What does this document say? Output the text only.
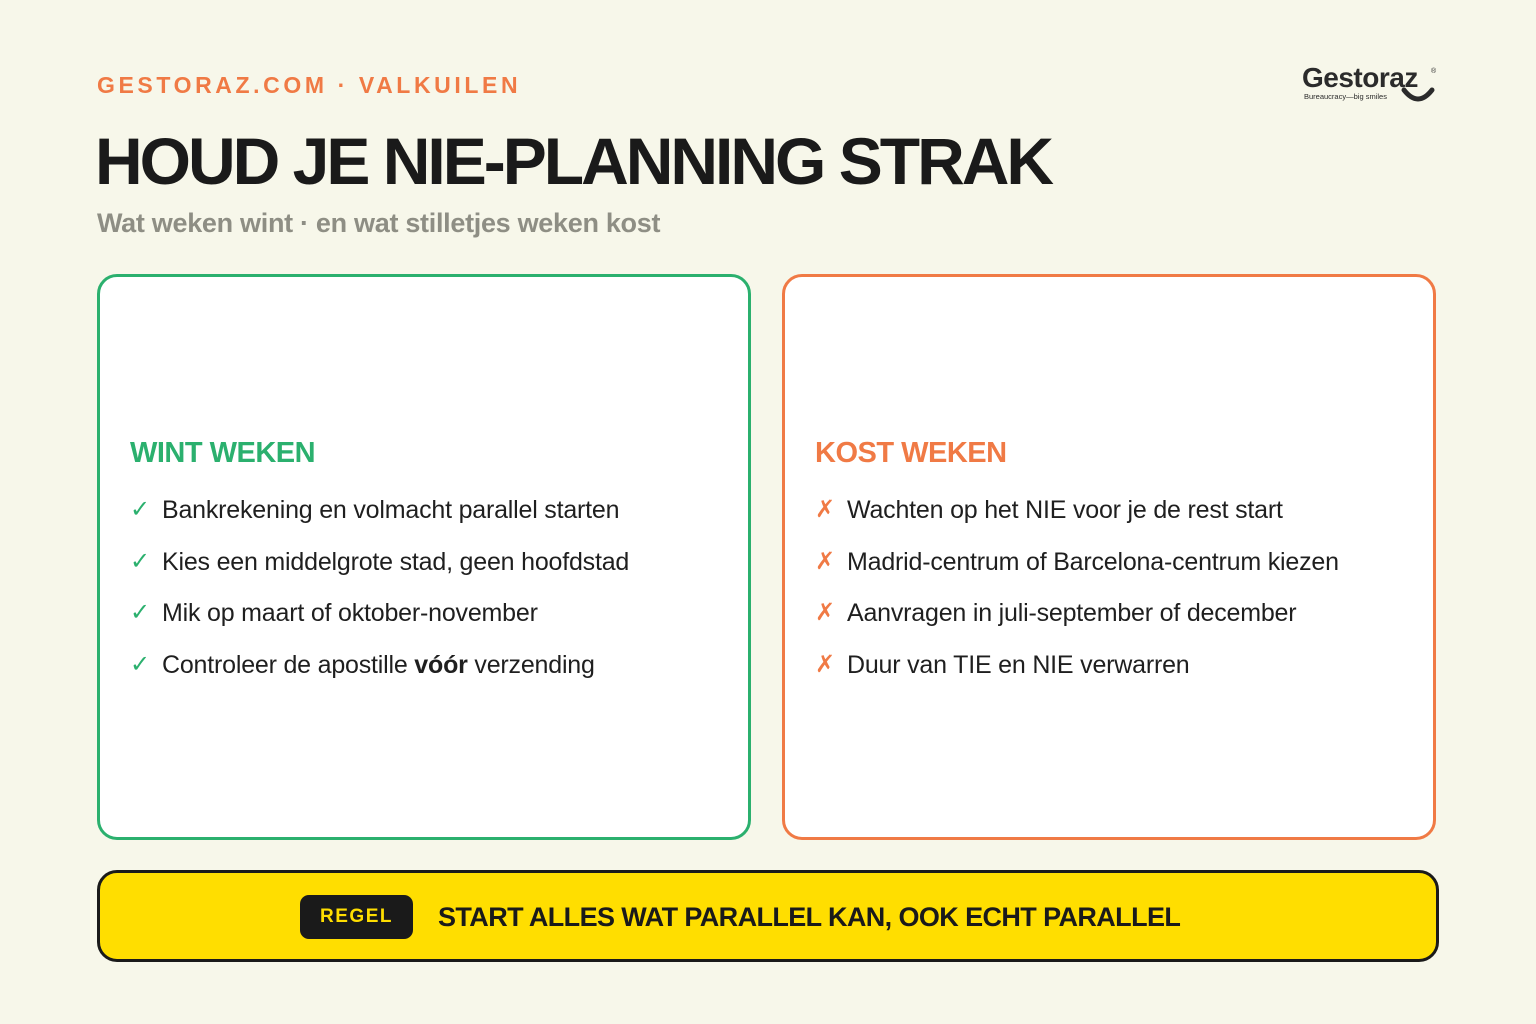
GESTORAZ.COM · VALKUILEN	Gestoraz ®
Bureaucracy—big smiles
HOUD JE NIE-PLANNING STRAK
Wat weken wint · en wat stilletjes weken kost
WINT WEKEN
✓ Bankrekening en volmacht parallel starten
✓ Kies een middelgrote stad, geen hoofdstad
✓ Mik op maart of oktober-november
✓ Controleer de apostille vóór verzending
KOST WEKEN
✗ Wachten op het NIE voor je de rest start
✗ Madrid-centrum of Barcelona-centrum kiezen
✗ Aanvragen in juli-september of december
✗ Duur van TIE en NIE verwarren
REGEL	START ALLES WAT PARALLEL KAN, OOK ECHT PARALLEL
